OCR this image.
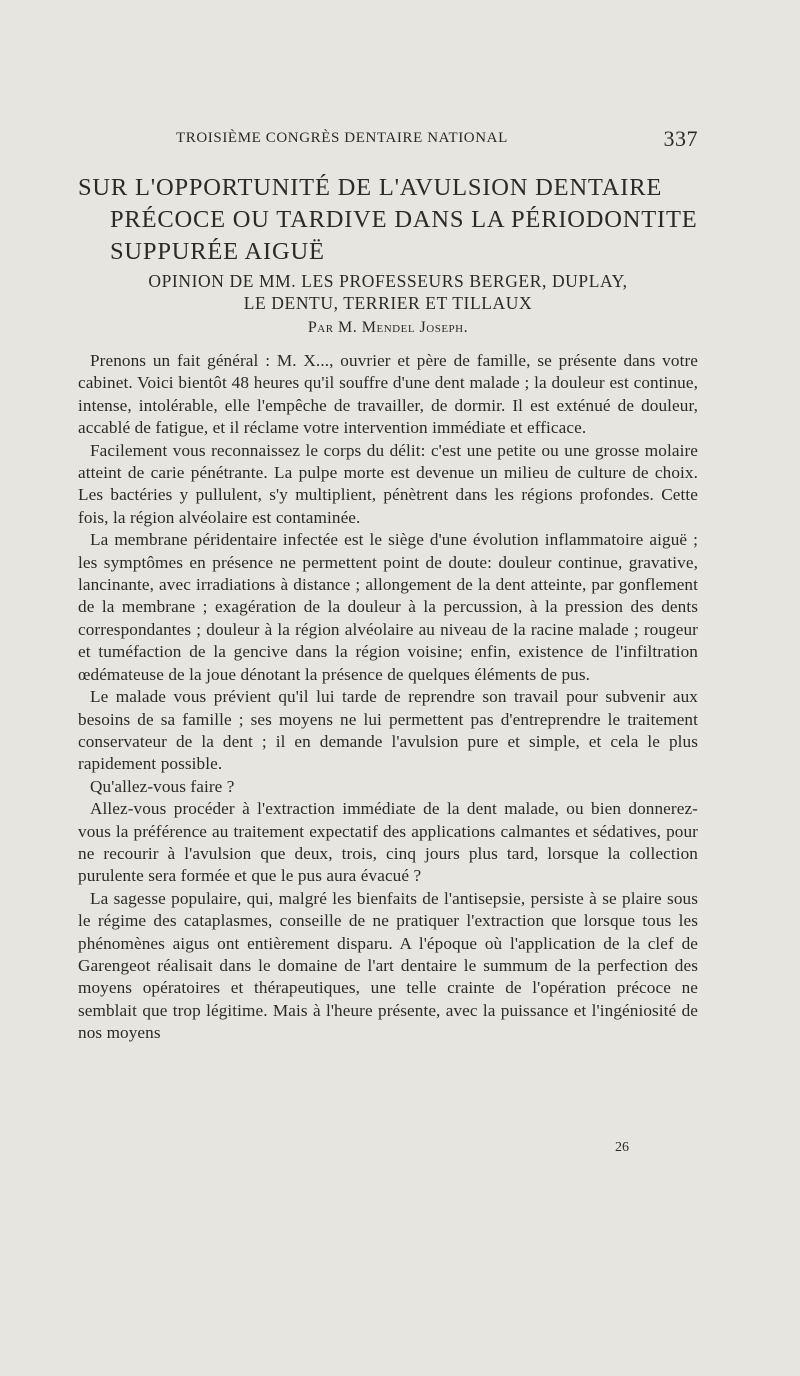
TROISIÈME CONGRÈS DENTAIRE NATIONAL	337
SUR L'OPPORTUNITÉ DE L'AVULSION DENTAIRE
PRÉCOCE OU TARDIVE DANS LA PÉRIODONTITE
SUPPURÉE AIGUË
OPINION DE MM. LES PROFESSEURS BERGER, DUPLAY,
LE DENTU, TERRIER ET TILLAUX
Par M. Mendel Joseph.

Prenons un fait général : M. X..., ouvrier et père de famille, se présente dans votre cabinet. Voici bientôt 48 heures qu'il souffre d'une dent malade ; la douleur est continue, intense, intolérable, elle l'empêche de travailler, de dormir. Il est exténué de douleur, accablé de fatigue, et il réclame votre intervention immédiate et efficace.

Facilement vous reconnaissez le corps du délit: c'est une petite ou une grosse molaire atteint de carie pénétrante. La pulpe morte est devenue un milieu de culture de choix. Les bactéries y pullulent, s'y multiplient, pénètrent dans les régions profondes. Cette fois, la région alvéolaire est contaminée.

La membrane péridentaire infectée est le siège d'une évolution inflammatoire aiguë ; les symptômes en présence ne permettent point de doute: douleur continue, gravative, lancinante, avec irradiations à distance ; allongement de la dent atteinte, par gonflement de la membrane ; exagération de la douleur à la percussion, à la pression des dents correspondantes ; douleur à la région alvéolaire au niveau de la racine malade ; rougeur et tuméfaction de la gencive dans la région voisine; enfin, existence de l'infiltration œdémateuse de la joue dénotant la présence de quelques éléments de pus.

Le malade vous prévient qu'il lui tarde de reprendre son travail pour subvenir aux besoins de sa famille ; ses moyens ne lui permettent pas d'entreprendre le traitement conservateur de la dent ; il en demande l'avulsion pure et simple, et cela le plus rapidement possible.

Qu'allez-vous faire ?

Allez-vous procéder à l'extraction immédiate de la dent malade, ou bien donnerez-vous la préférence au traitement expectatif des applications calmantes et sédatives, pour ne recourir à l'avulsion que deux, trois, cinq jours plus tard, lorsque la collection purulente sera formée et que le pus aura évacué ?

La sagesse populaire, qui, malgré les bienfaits de l'antisepsie, persiste à se plaire sous le régime des cataplasmes, conseille de ne pratiquer l'extraction que lorsque tous les phénomènes aigus ont entièrement disparu. A l'époque où l'application de la clef de Garengeot réalisait dans le domaine de l'art dentaire le summum de la perfection des moyens opératoires et thérapeutiques, une telle crainte de l'opération précoce ne semblait que trop légitime. Mais à l'heure présente, avec la puissance et l'ingéniosité de nos moyens

26
